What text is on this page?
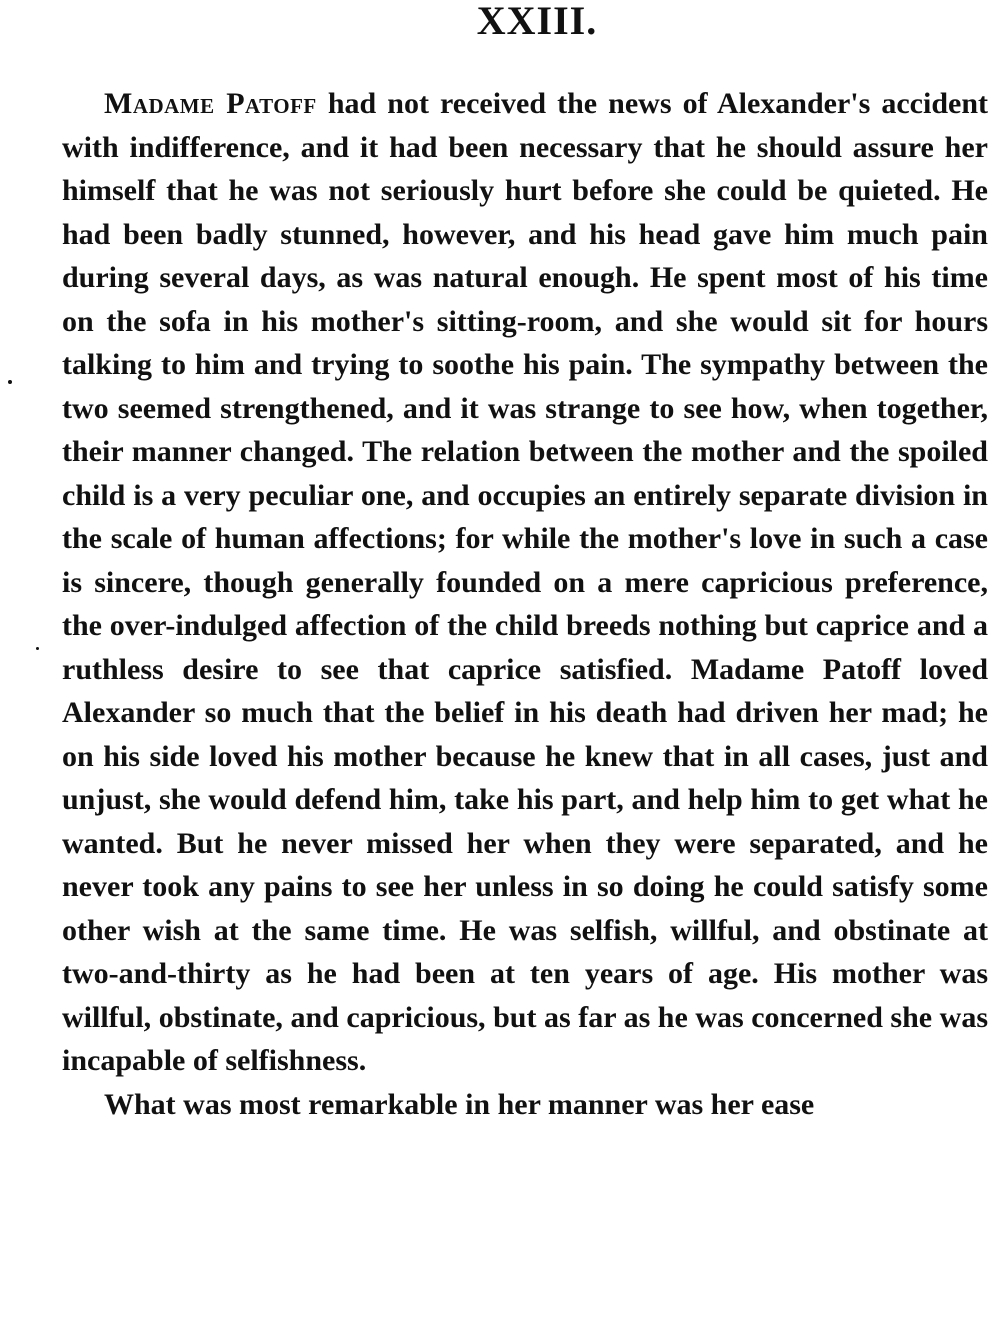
XXIII.

Madame Patoff had not received the news of Alexander's accident with indifference, and it had been necessary that he should assure her himself that he was not seriously hurt before she could be quieted. He had been badly stunned, however, and his head gave him much pain during several days, as was natural enough. He spent most of his time on the sofa in his mother's sitting-room, and she would sit for hours talking to him and trying to soothe his pain. The sympathy between the two seemed strengthened, and it was strange to see how, when together, their manner changed. The relation between the mother and the spoiled child is a very peculiar one, and occupies an entirely separate division in the scale of human affections; for while the mother's love in such a case is sincere, though generally founded on a mere capricious preference, the over-indulged affection of the child breeds nothing but caprice and a ruthless desire to see that caprice satisfied. Madame Patoff loved Alexander so much that the belief in his death had driven her mad; he on his side loved his mother because he knew that in all cases, just and unjust, she would defend him, take his part, and help him to get what he wanted. But he never missed her when they were separated, and he never took any pains to see her unless in so doing he could satisfy some other wish at the same time. He was selfish, willful, and obstinate at two-and-thirty as he had been at ten years of age. His mother was willful, obstinate, and capricious, but as far as he was concerned she was incapable of selfishness.

What was most remarkable in her manner was her ease
